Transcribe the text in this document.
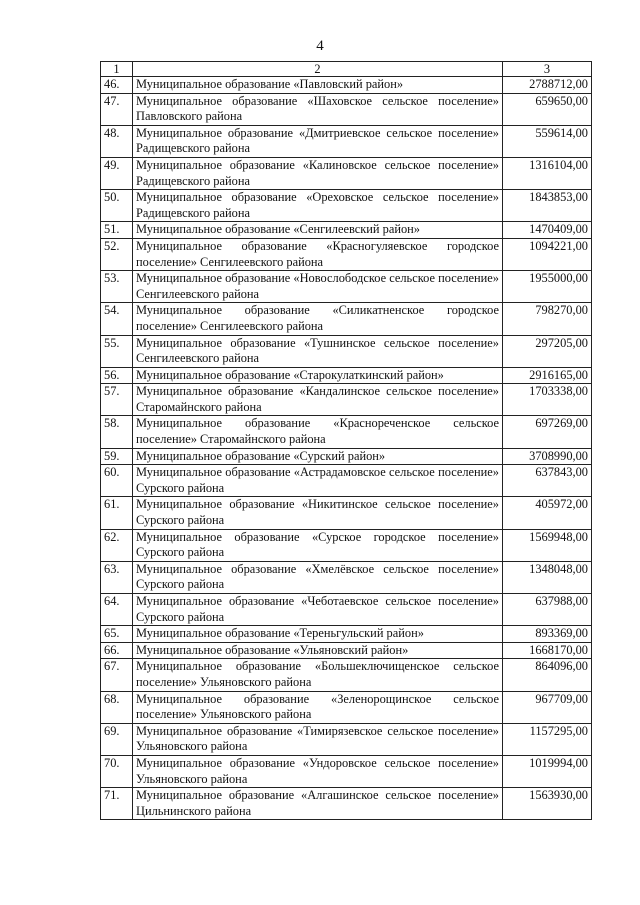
4
1	2	3
46.	Муниципальное образование «Павловский район»	2788712,00
47.	Муниципальное образование «Шаховское сельское поселение» Павловского района	659650,00
48.	Муниципальное образование «Дмитриевское сельское поселение» Радищевского района	559614,00
49.	Муниципальное образование «Калиновское сельское поселение» Радищевского района	1316104,00
50.	Муниципальное образование «Ореховское сельское поселение» Радищевского района	1843853,00
51.	Муниципальное образование «Сенгилеевский район»	1470409,00
52.	Муниципальное образование «Красногуляевское городское поселение» Сенгилеевского района	1094221,00
53.	Муниципальное образование «Новослободское сельское поселение» Сенгилеевского района	1955000,00
54.	Муниципальное образование «Силикатненское городское поселение» Сенгилеевского района	798270,00
55.	Муниципальное образование «Тушнинское сельское поселение» Сенгилеевского района	297205,00
56.	Муниципальное образование «Старокулаткинский район»	2916165,00
57.	Муниципальное образование «Кандалинское сельское поселение» Старомайнского района	1703338,00
58.	Муниципальное образование «Краснореченское сельское поселение» Старомайнского района	697269,00
59.	Муниципальное образование «Сурский район»	3708990,00
60.	Муниципальное образование «Астрадамовское сельское поселение» Сурского района	637843,00
61.	Муниципальное образование «Никитинское сельское поселение» Сурского района	405972,00
62.	Муниципальное образование «Сурское городское поселение» Сурского района	1569948,00
63.	Муниципальное образование «Хмелёвское сельское поселение» Сурского района	1348048,00
64.	Муниципальное образование «Чеботаевское сельское поселение» Сурского района	637988,00
65.	Муниципальное образование «Тереньгульский район»	893369,00
66.	Муниципальное образование «Ульяновский район»	1668170,00
67.	Муниципальное образование «Большеключищенское сельское поселение» Ульяновского района	864096,00
68.	Муниципальное образование «Зеленорощинское сельское поселение» Ульяновского района	967709,00
69.	Муниципальное образование «Тимирязевское сельское поселение» Ульяновского района	1157295,00
70.	Муниципальное образование «Ундоровское сельское поселение» Ульяновского района	1019994,00
71.	Муниципальное образование «Алгашинское сельское поселение» Цильнинского района	1563930,00
